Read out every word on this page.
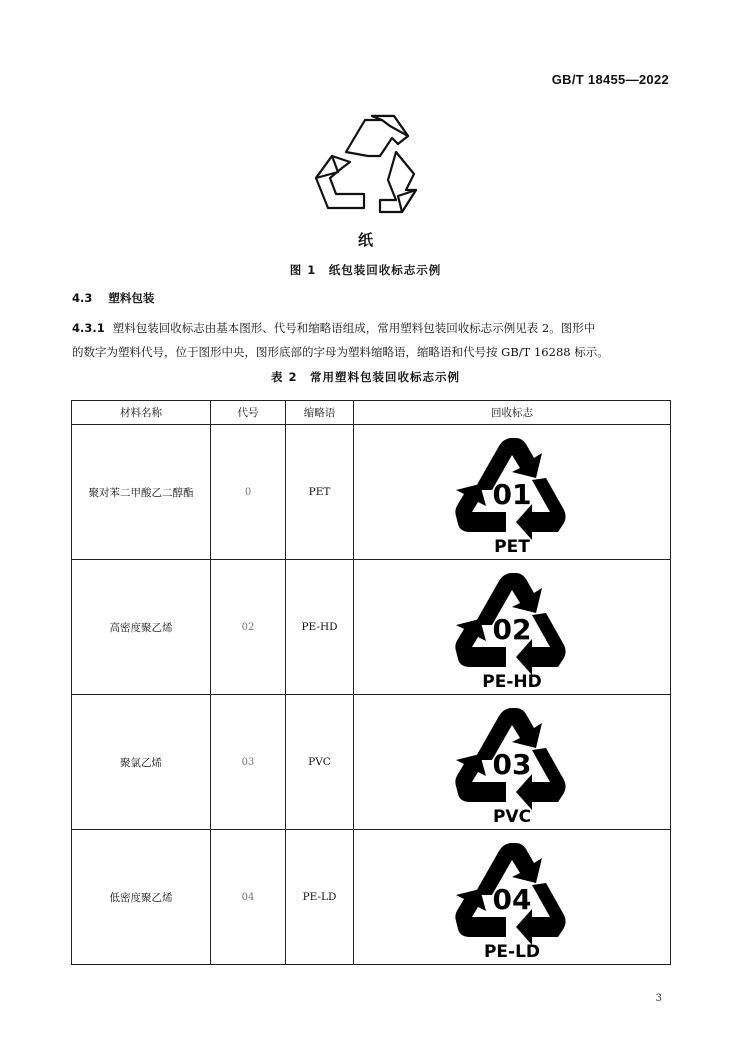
GB/T 18455—2022
纸
图 1　纸包装回收标志示例
4.3 塑料包装
4.3.1 塑料包装回收标志由基本图形、代号和缩略语组成，常用塑料包装回收标志示例见表 2。图形中
的数字为塑料代号，位于图形中央，图形底部的字母为塑料缩略语，缩略语和代号按 GB/T 16288 标示。
表 2　常用塑料包装回收标志示例
材料名称	代号	缩略语	回收标志
聚对苯二甲酸乙二醇酯	0	PET	01
PET

高密度聚乙烯	02	PE-HD	02
PE-HD

聚氯乙烯	03	PVC	03
PVC

低密度聚乙烯	04	PE-LD	04
PE-LD
3
